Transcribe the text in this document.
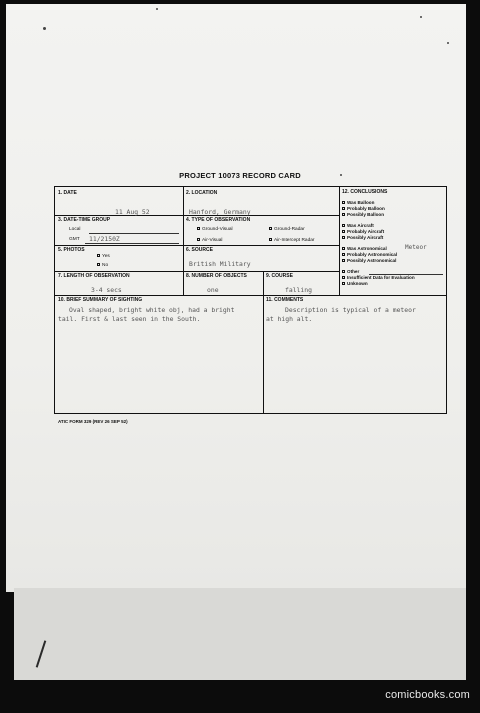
PROJECT 10073 RECORD CARD
1. DATE
11 Aug 52
2. LOCATION
Hanford, Germany
3. DATE-TIME GROUP
Local
GMT 11/2150Z
4. TYPE OF OBSERVATION
Ground-Visual	Ground-Radar
Air-Visual	Air-Intercept Radar
5. PHOTOS
Yes
No
6. SOURCE
British Military
7. LENGTH OF OBSERVATION
3-4 secs
8. NUMBER OF OBJECTS
one
9. COURSE
falling
10. BRIEF SUMMARY OF SIGHTING
Oval shaped, bright white obj, had a bright
tail. First & last seen in the South.
11. COMMENTS
Description is typical of a meteor
at high alt.
12. CONCLUSIONS
Was Balloon
Probably Balloon
Possibly Balloon
Was Aircraft
Probably Aircraft
Possibly Aircraft
Was Astronomical	Meteor
Probably Astronomical
Possibly Astronomical
Other
Insufficient Data for Evaluation
Unknown
ATIC FORM 329 (REV 26 SEP 52)
comicbooks.com
